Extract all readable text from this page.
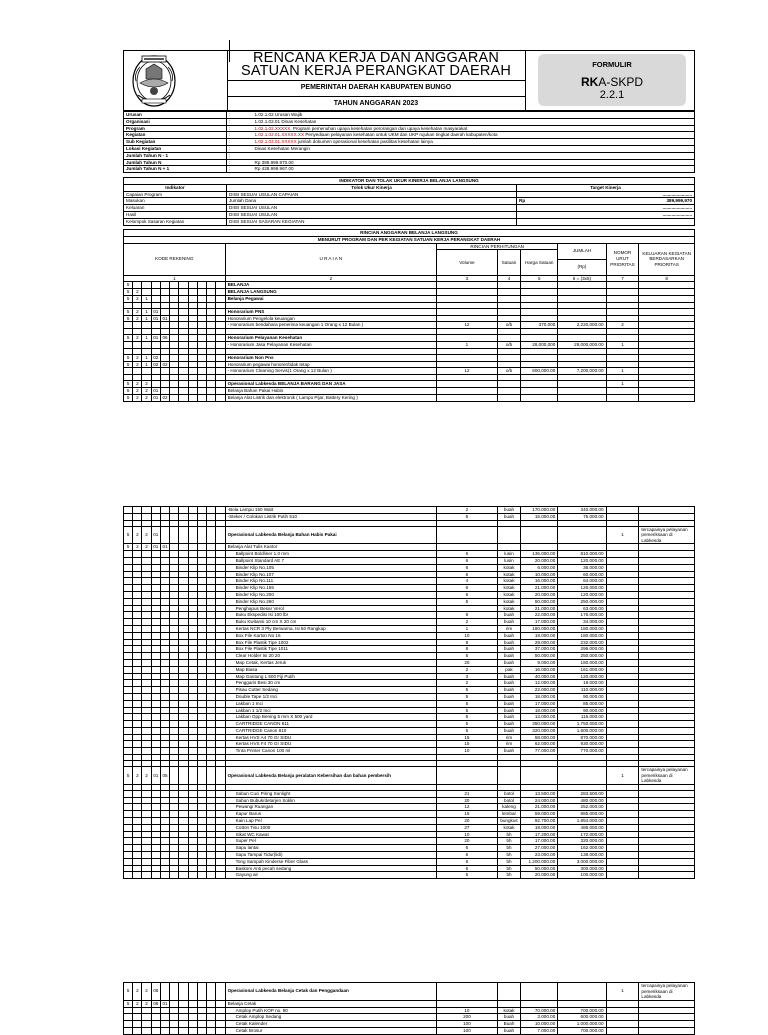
RENCANA KERJA DAN ANGGARAN
SATUAN KERJA PERANGKAT DAERAH
PEMERINTAH DAERAH KABUPATEN BUNGO
TAHUN ANGGARAN 2023
FORMULIR
RKA-SKPD
2.2.1
Urusan	:	1.02.1.02 Urusan Wajib
Organisasi	:	1.02.1.02.01 Dinas Kesehatan
Program	:	1.02.1.02.XXXXX. Program pemenuhan upaya kesehatan perorangan dan upaya kesehatan masyarakat
Kegiatan	:	1.02.1.02.01.XXXXX.XX Penyediaan pelayanan kesehatan untuk UKM dan UKP rujukan tingkat daerah kabupaten/kota
Sub Kegiatan	:	1.02.1.02.01.XXXXX jumlah dokumen operasional kesehatan pasilitas kesehatan lainya
Lokasi Kegiatan	:	Dinas Kesehatan Merangin
Jumlah Tahun N - 1	:	
Jumlah Tahun N	:	Rp 389.999.970.00
Jumlah Tahun N + 1	:	Rp 428.999.967.00
INDIKATOR DAN TOLAK UKUR KINERJA BELANJA LANGSUNG			
Indikator	Tolok Ukur Kinerja	Target Kinerja	
Capaian Program	DIISI SESUAI USULAN CAPAIAN		.......................
Masukan	Jumlah Dana	Rp	389,999,970
Keluaran	DIISI SESUAI USULAN		.......................
Hasil	DIISI SESUAI USULAN		.......................
Kelompok Sasaran Kegiatan	DIISI SESUAI SASARAN KEGIATAN		
RINCIAN ANGGARAN BELANJA LANGSUNG																	
MENURUT PROGRAM DAN PER KEGIATAN SATUAN KERJA PERANGKAT DAERAH																	
KODE REKENING											U R A I A N	RINCIAN PERHITUNGAN			JUMLAH	NOMOR URUT PRIORITAS	KELUARAN KEGIATAN BERDASARKAN PRIORITAS

												Volume	Satuan	Harga Satuan			
															(Rp)		

1											2	3	4	5	6 = (3x5)	7	8
5											BELANJA						
5	2										BELANJA LANGSUNG						
5	2	1									Belanja Pegawai						

5	2	1	01								Honorarium PNS						
5	2	1	01	01							Honorarium Pengelola keuangan						
											- Honorarium bendahara penerima keuangan 1 Orang x 12 Bulan )	12	o/b	370,000	2,220,000.00	2	

5	2	1	01	06							Honorarium Pelayanan Kesehatan						
											- Honorarium Jasa Pelayanan Kesehatan	1	o/b	28,000,000	28,000,000.00	1	

5	2	1	02								Honorarium Non Pns						
5	2	1	02	02							Honorarium pegawai honorer/tidak tetap						
											- Honorarium Cleaning Servis(1 Orang x 12 Bulan )	12	o/b	600,000.00	7,200,000.00	1	

5	2	2									Operasional Labkesda BELANJA BARANG DAN JASA					1	
5	2	2	01								Belanja Bahan Pakai Habis						
5	2	2	01	02							Belanja Alat Listrik dan elektronik ( Lampu Pijar, Battery Kering )						
											-Bola Lampu 150 Watt	2	buah	170.000.00	340.000.00		
											-Steker / Colokan Listrik Putih 510	5	buah	15.000.00	75.000.00		

5	2	2	01								Operasional Labkesda Belanja Bahan Habis Pakai					1	tercapainya pelayanan pemeriksaan di Labkesda
5	2	2	01	01							Belanja Alat Tulis Kantor						
											Ballpoint Boldliner 1.0 mm	6	lusin	135.000.00	810.000.00		
											Ballpoint Standard AE 7	6	lusin	20.000.00	120.000.00		
											Binder Klip No.105	6	kotak	6.000.00	36.000.00		
											Binder Klip No.107	6	kotak	10.000.00	60.000.00		
											Binder Klip No.111	4	kotak	16.000.00	64.000.00		
											Binder Klip No.155	6	kotak	21.000.00	126.000.00		
											Binder Klip No.200	6	kotak	20.000.00	120.000.00		
											Binder Klip No.260	5	kotak	50.000.00	250.000.00		
											Penghapus Besar Verol		kotak	21.000.00	63.000.00		
											Buku Ekspedisi Isi 100 lbr	8	buah	22.000.00	176.000.00		
											Buku Kwitansi 10 cm X 20 cm	2	buah	17.000.00	34.000.00		
											Kertas NCR 3 Ply Berwarna, Isi 50 Rangkap	1	rim	180.000.00	180.000.00		
											Box File Karton No 16	10	buah	18.000.00	180.000.00		
											Box File Plastik Tipe 1002	8	buah	29.000.00	232.000.00		
											Box File Plastik Tipe 1011	8	buah	37.000.00	296.000.00		
											Clear Holder Isi 20 20	5	buah	50.000.00	250.000.00		
											Map Cetak, Kertas Jeruk	20	buah	9.000.00	180.000.00		
											Map Biasa	2	pak	16.000.00	161.000.00		
											Map Gantung L 500 Fiji Putih	3	buah	40.000.00	120.000.00		
											Penggaris Besi 30 cm	2	buah	12.000.00	18.000.00		
											Pisau Cutter Sedang	5	buah	22.000.00	110.000.00		
											Double Tape 1/2 Inci	5	buah	18.000.00	90.000.00		
											Lakban 1 Inci	5	buah	17.000.00	85.000.00		
											Lakban 1 1/2 Inci	5	buah	18.000.00	90.000.00		
											Lakban Opp Bening 5 mm X 500 yard	5	buah	13.000.00	115.000.00		
											CARTRIDGE CANON 811	5	buah	350.000.00	1.750.000.00		
											CARTRIDGE Canon 810	5	buah	320.000.00	1.600.000.00		
											Kertas HVS A4 70 Gr SIDU	15	rim	58.000.00	870.000.00		
											Kertas HVS F4 70 Gr SIDU	15	rim	62.000.00	930.000.00		
											Tinta Printer Canon 100 ml	10	buah	77.000.00	770.000.00		

5	2	2	01	05							Operasional Labkesda Belanja peralatan Kebersihan dan bahan pembersih					1	tercapainya pelayanan pemeriksaan di Labkesda

											Sabun Cuci Piring Sunlight	21	botol	13.500.00	283.500.00		
											Sabun Bubuk/detarjen Soklin	20	botol	24.000.00	480.000.00		
											Pewangi Ruangan	12	kaleng	21.000.00	252.000.00		
											Kapur Barus	15	lembar	59.000.00	885.000.00		
											Kain Lap Pel	20	bungkus	92.700.00	1.854.000.00		
											Cotton Tisu 1000	27	kotak	18.000.00	486.000.00		
											Sikat WC Kawat	10	bh	17.200.00	172.000.00		
											Super Pel	20	bh	17.000.00	320.000.00		
											Sapu lantai	6	bh	27.000.00	162.000.00		
											Sapu Tampai Tidur(lidi)	6	bh	23.000.00	138.000.00		
											Tong Sampah Kinderse Fiber Glass	6	bh	1.200.000.00	3.000.000.00		
											Baskom Anti pecah sedang	6	bh	50.000.00	300.000.00		
											Gayung air	5	bh	20.000.00	100.000.00		
5	2	2	06								Operasional Labkesda Belanja Cetak dan Penggandaan					1	tercapainya pelayanan pemeriksaan di Labkesda
5	2	2	06	01							Belanja Cetak						
											Amplop Putih KOP no. 90	10	kotak	70.000.00	700.000.00		
											Cetak Amplop Sedang	200	buah	3.000.00	600.000.00		
											Cetak Kalender	100	Buah	10.000.00	1.000.000.00		
											Cetak Brosur	100	buah	7.000.00	700.000.00		
